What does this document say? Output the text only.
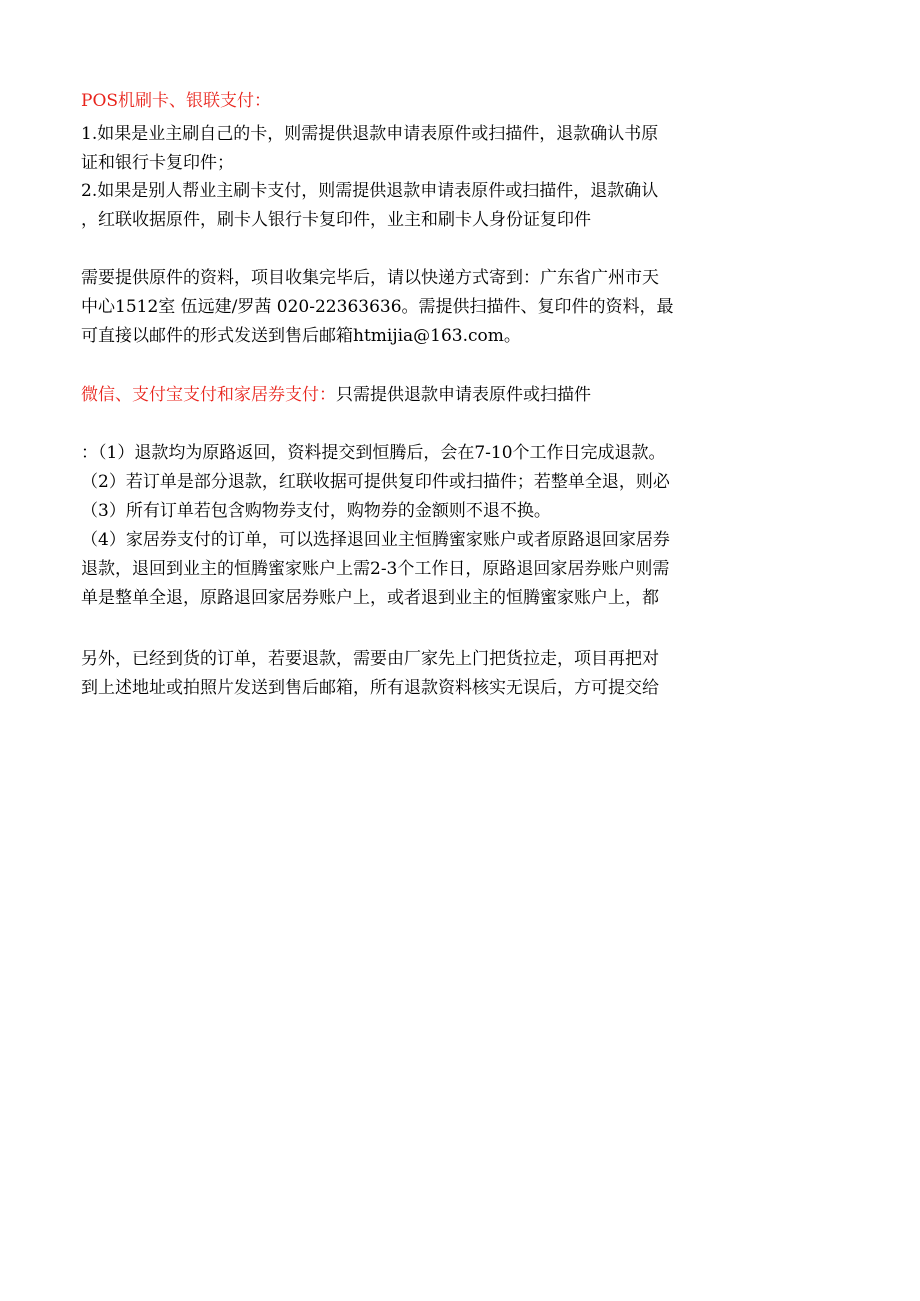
POS机刷卡、银联支付：
1.如果是业主刷自己的卡，则需提供退款申请表原件或扫描件，退款确认书原
证和银行卡复印件；
2.如果是别人帮业主刷卡支付，则需提供退款申请表原件或扫描件，退款确认
，红联收据原件，刷卡人银行卡复印件，业主和刷卡人身份证复印件
需要提供原件的资料，项目收集完毕后，请以快递方式寄到：广东省广州市天
中心1512室 伍远建/罗茜 020-22363636。需提供扫描件、复印件的资料，最
可直接以邮件的形式发送到售后邮箱htmijia@163.com。
微信、支付宝支付和家居券支付：只需提供退款申请表原件或扫描件
：（1）退款均为原路返回，资料提交到恒腾后，会在7-10个工作日完成退款。
（2）若订单是部分退款，红联收据可提供复印件或扫描件；若整单全退，则必
（3）所有订单若包含购物券支付，购物券的金额则不退不换。
（4）家居券支付的订单，可以选择退回业主恒腾蜜家账户或者原路退回家居券
退款，退回到业主的恒腾蜜家账户上需2-3个工作日，原路退回家居券账户则需
单是整单全退，原路退回家居券账户上，或者退到业主的恒腾蜜家账户上，都
另外，已经到货的订单，若要退款，需要由厂家先上门把货拉走，项目再把对
到上述地址或拍照片发送到售后邮箱，所有退款资料核实无误后，方可提交给
